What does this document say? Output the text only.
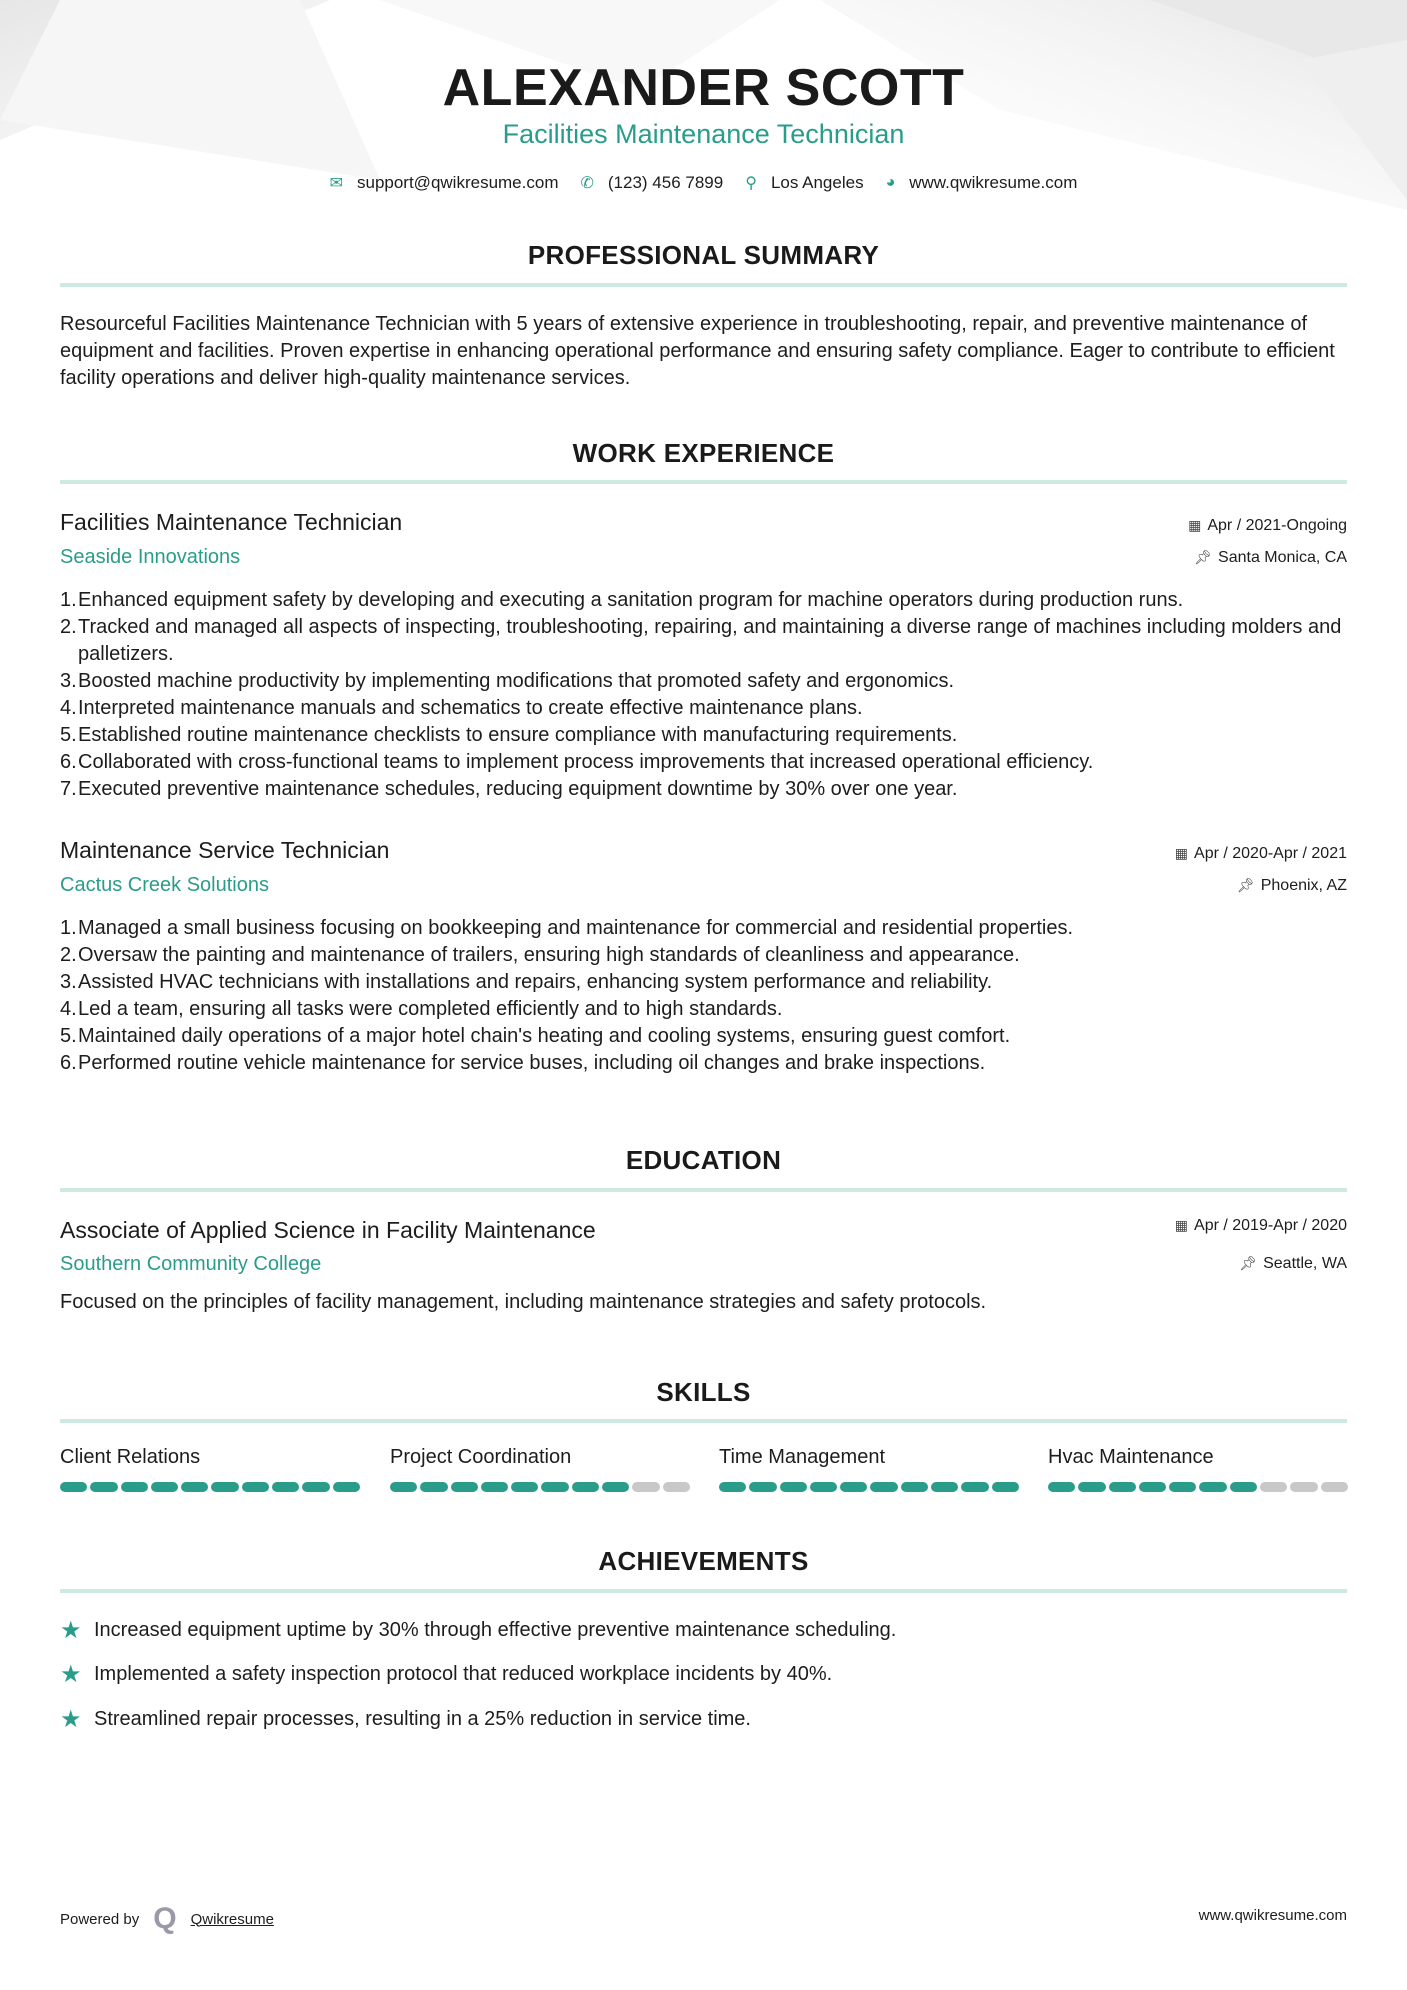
ALEXANDER SCOTT
Facilities Maintenance Technician
✉ support@qwikresume.com ✆ (123) 456 7899 ⚲ Los Angeles ◕ www.qwikresume.com
PROFESSIONAL SUMMARY
Resourceful Facilities Maintenance Technician with 5 years of extensive experience in troubleshooting, repair, and preventive maintenance of equipment and facilities. Proven expertise in enhancing operational performance and ensuring safety compliance. Eager to contribute to efficient facility operations and deliver high-quality maintenance services.
WORK EXPERIENCE
Facilities Maintenance Technician	▦ Apr / 2021-Ongoing
Seaside Innovations	📌︎ Santa Monica, CA
1. Enhanced equipment safety by developing and executing a sanitation program for machine operators during production runs.
2. Tracked and managed all aspects of inspecting, troubleshooting, repairing, and maintaining a diverse range of machines including molders and palletizers.
3. Boosted machine productivity by implementing modifications that promoted safety and ergonomics.
4. Interpreted maintenance manuals and schematics to create effective maintenance plans.
5. Established routine maintenance checklists to ensure compliance with manufacturing requirements.
6. Collaborated with cross-functional teams to implement process improvements that increased operational efficiency.
7. Executed preventive maintenance schedules, reducing equipment downtime by 30% over one year.
Maintenance Service Technician	▦ Apr / 2020-Apr / 2021
Cactus Creek Solutions	📌︎ Phoenix, AZ
1. Managed a small business focusing on bookkeeping and maintenance for commercial and residential properties.
2. Oversaw the painting and maintenance of trailers, ensuring high standards of cleanliness and appearance.
3. Assisted HVAC technicians with installations and repairs, enhancing system performance and reliability.
4. Led a team, ensuring all tasks were completed efficiently and to high standards.
5. Maintained daily operations of a major hotel chain's heating and cooling systems, ensuring guest comfort.
6. Performed routine vehicle maintenance for service buses, including oil changes and brake inspections.
EDUCATION
Associate of Applied Science in Facility Maintenance	▦ Apr / 2019-Apr / 2020
Southern Community College	📌︎ Seattle, WA
Focused on the principles of facility management, including maintenance strategies and safety protocols.
SKILLS
Client Relations	Project Coordination	Time Management	Hvac Maintenance
ACHIEVEMENTS
★ Increased equipment uptime by 30% through effective preventive maintenance scheduling.
★ Implemented a safety inspection protocol that reduced workplace incidents by 40%.
★ Streamlined repair processes, resulting in a 25% reduction in service time.
Powered by Q Qwikresume	www.qwikresume.com
